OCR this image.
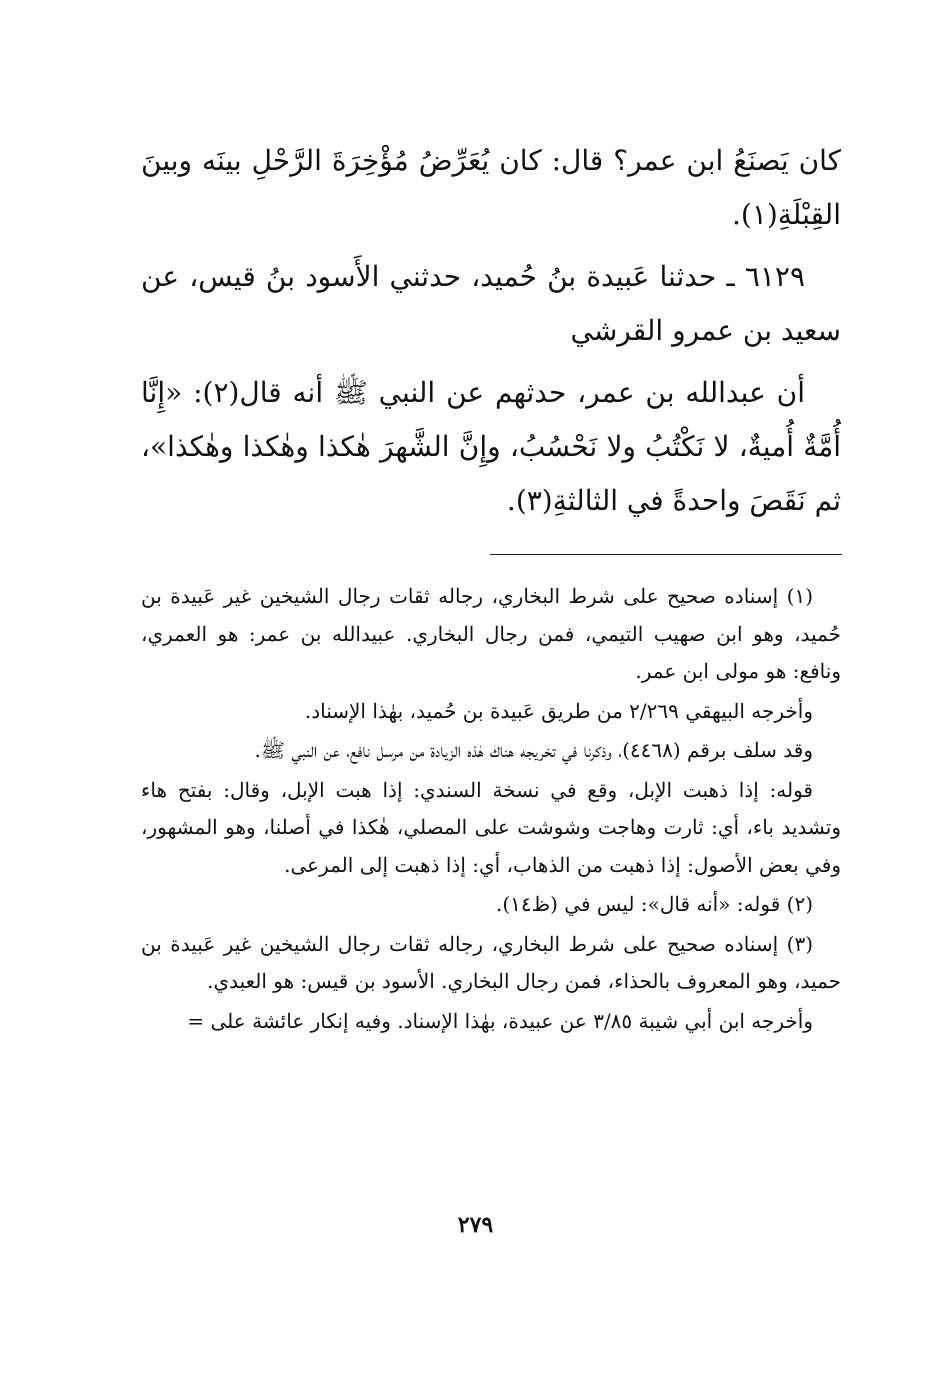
كان يَصنَعُ ابن عمر؟ قال: كان يُعَرِّضُ مُؤْخِرَةَ الرَّحْلِ بينَه وبينَ القِبْلَةِ(١).

٦١٢٩ ـ حدثنا عَبيدة بنُ حُميد، حدثني الأَسود بنُ قيس، عن سعيد بن عمرو القرشي

أن عبدالله بن عمر، حدثهم عن النبي ﷺ أنه قال(٢): «إِنَّا أُمَّةٌ أُميةٌ، لا نَكْتُبُ ولا نَحْسُبُ، وإِنَّ الشَّهرَ هٰكذا وهٰكذا وهٰكذا»، ثم نَقَصَ واحدةً في الثالثةِ(٣).

(١) إسناده صحيح على شرط البخاري، رجاله ثقات رجال الشيخين غير عَبيدة بن حُميد، وهو ابن صهيب التيمي، فمن رجال البخاري. عبيدالله بن عمر: هو العمري، ونافع: هو مولى ابن عمر.

وأخرجه البيهقي ٢/٢٦٩ من طريق عَبيدة بن حُميد، بهٰذا الإسناد.

وقد سلف برقم (٤٤٦٨)، وذكرنا في تخريجه هناك هٰذه الزيادة من مرسل نافع، عن النبي ﷺ.

قوله: إذا ذهبت الإبل، وقع في نسخة السندي: إذا هبت الإبل، وقال: بفتح هاء وتشديد باء، أي: ثارت وهاجت وشوشت على المصلي، هٰكذا في أصلنا، وهو المشهور، وفي بعض الأصول: إذا ذهبت من الذهاب، أي: إذا ذهبت إلى المرعى.

(٢) قوله: «أنه قال»: ليس في (ظ١٤).

(٣) إسناده صحيح على شرط البخاري، رجاله ثقات رجال الشيخين غير عَبيدة بن حميد، وهو المعروف بالحذاء، فمن رجال البخاري. الأسود بن قيس: هو العبدي.

وأخرجه ابن أبي شيبة ٣/٨٥ عن عبيدة، بهٰذا الإسناد. وفيه إنكار عائشة على =

٢٧٩
